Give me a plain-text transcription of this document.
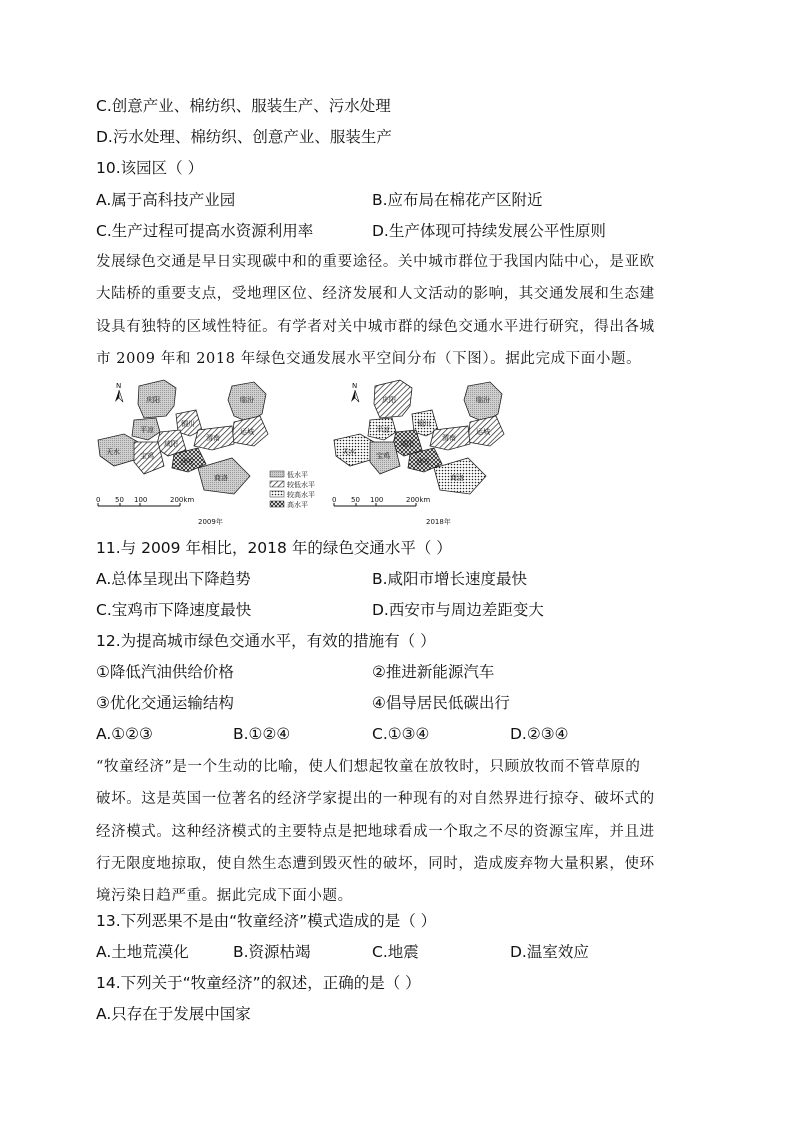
C.创意产业、棉纺织、服装生产、污水处理
D.污水处理、棉纺织、创意产业、服装生产
10.该园区（ ）
A.属于高科技产业园	B.应布局在棉花产区附近
C.生产过程可提高水资源利用率	D.生产体现可持续发展公平性原则
发展绿色交通是早日实现碳中和的重要途径。关中城市群位于我国内陆中心，是亚欧
大陆桥的重要支点，受地理区位、经济发展和人文活动的影响，其交通发展和生态建
设具有独特的区域性特征。有学者对关中城市群的绿色交通水平进行研究，得出各城
市 2009 年和 2018 年绿色交通发展水平空间分布（下图）。据此完成下面小题。
N
庆阳	临汾
平凉
铜川
运城
天水
咸阳
渭南
宝鸡
西安
商洛
0 50 100	200km
2009年
低水平
较低水平
较高水平
高水平
N
庆阳	临汾
平凉
铜川
运城
天水
咸阳
渭南
宝鸡
西安
商洛
0 50 100	200km
2018年
11.与 2009 年相比，2018 年的绿色交通水平（ ）
A.总体呈现出下降趋势	B.咸阳市增长速度最快
C.宝鸡市下降速度最快	D.西安市与周边差距变大
12.为提高城市绿色交通水平，有效的措施有（ ）
①降低汽油供给价格	②推进新能源汽车
③优化交通运输结构	④倡导居民低碳出行
A.①②③	B.①②④	C.①③④	D.②③④
“牧童经济”是一个生动的比喻，使人们想起牧童在放牧时，只顾放牧而不管草原的
破坏。这是英国一位著名的经济学家提出的一种现有的对自然界进行掠夺、破坏式的
经济模式。这种经济模式的主要特点是把地球看成一个取之不尽的资源宝库，并且进
行无限度地掠取，使自然生态遭到毁灭性的破坏，同时，造成废弃物大量积累，使环
境污染日趋严重。据此完成下面小题。
13.下列恶果不是由“牧童经济”模式造成的是（ ）
A.土地荒漠化	B.资源枯竭	C.地震	D.温室效应
14.下列关于“牧童经济”的叙述，正确的是（ ）
A.只存在于发展中国家
